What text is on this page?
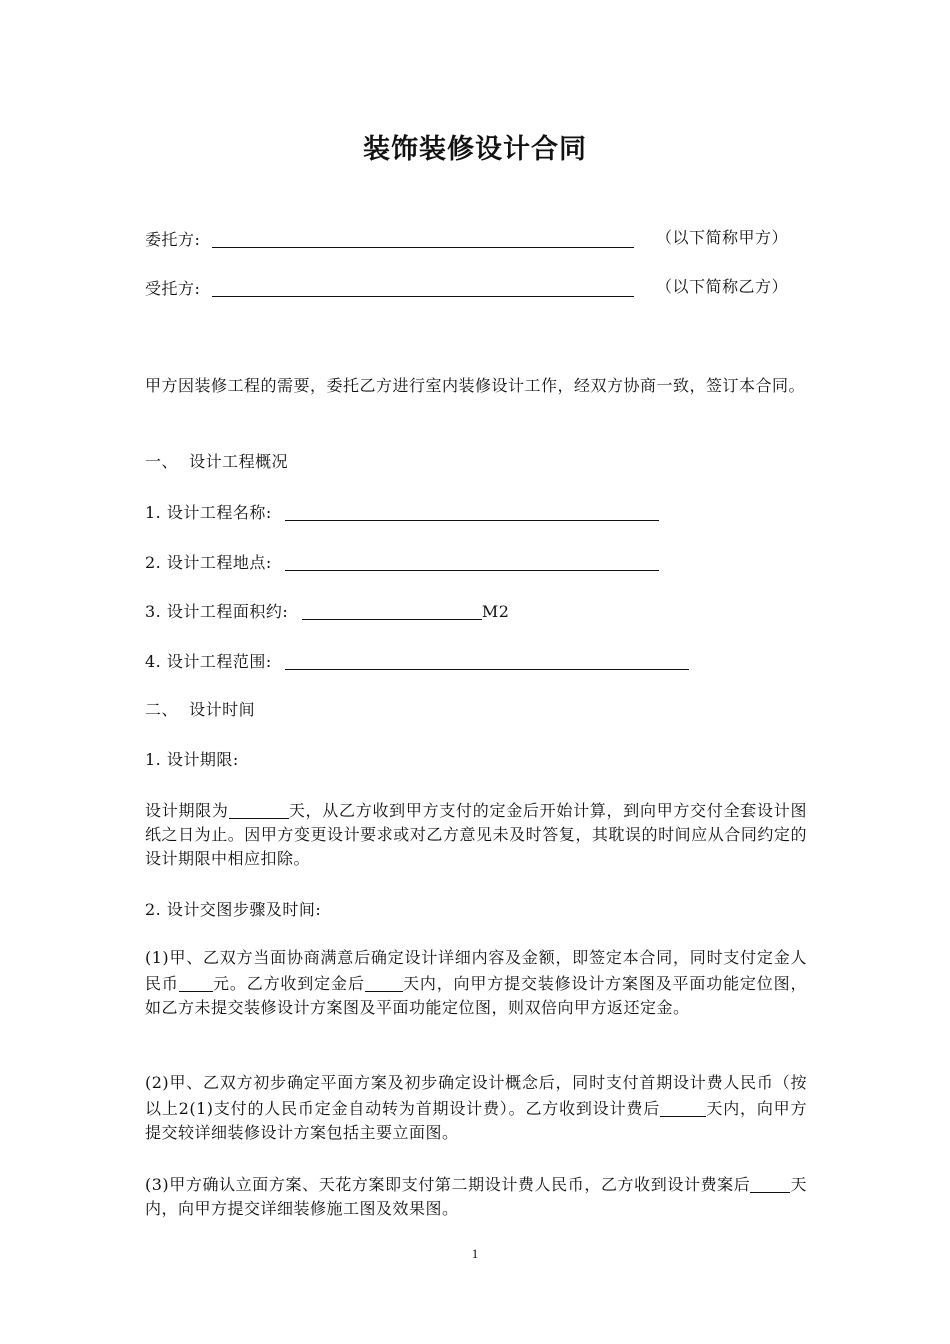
装饰装修设计合同
委托方:	（以下简称甲方）
受托方:	（以下简称乙方）
甲方因装修工程的需要，委托乙方进行室内装修设计工作，经双方协商一致，签订本合同。
一、  设计工程概况
1. 设计工程名称:
2. 设计工程地点:
3. 设计工程面积约:	M2
4. 设计工程范围:
二、  设计时间
1. 设计期限:
设计期限为	天，从乙方收到甲方支付的定金后开始计算，到向甲方交付全套设计图纸之日为止。因甲方变更设计要求或对乙方意见未及时答复，其耽误的时间应从合同约定的设计期限中相应扣除。
2. 设计交图步骤及时间:
(1)甲、乙双方当面协商满意后确定设计详细内容及金额，即签定本合同，同时支付定金人民币 元。乙方收到定金后 天内，向甲方提交装修设计方案图及平面功能定位图，如乙方未提交装修设计方案图及平面功能定位图，则双倍向甲方返还定金。
(2)甲、乙双方初步确定平面方案及初步确定设计概念后，同时支付首期设计费人民币（按以上2(1)支付的人民币定金自动转为首期设计费）。乙方收到设计费后	天内，向甲方提交较详细装修设计方案包括主要立面图。
(3)甲方确认立面方案、天花方案即支付第二期设计费人民币，乙方收到设计费案后	天内，向甲方提交详细装修施工图及效果图。
1
